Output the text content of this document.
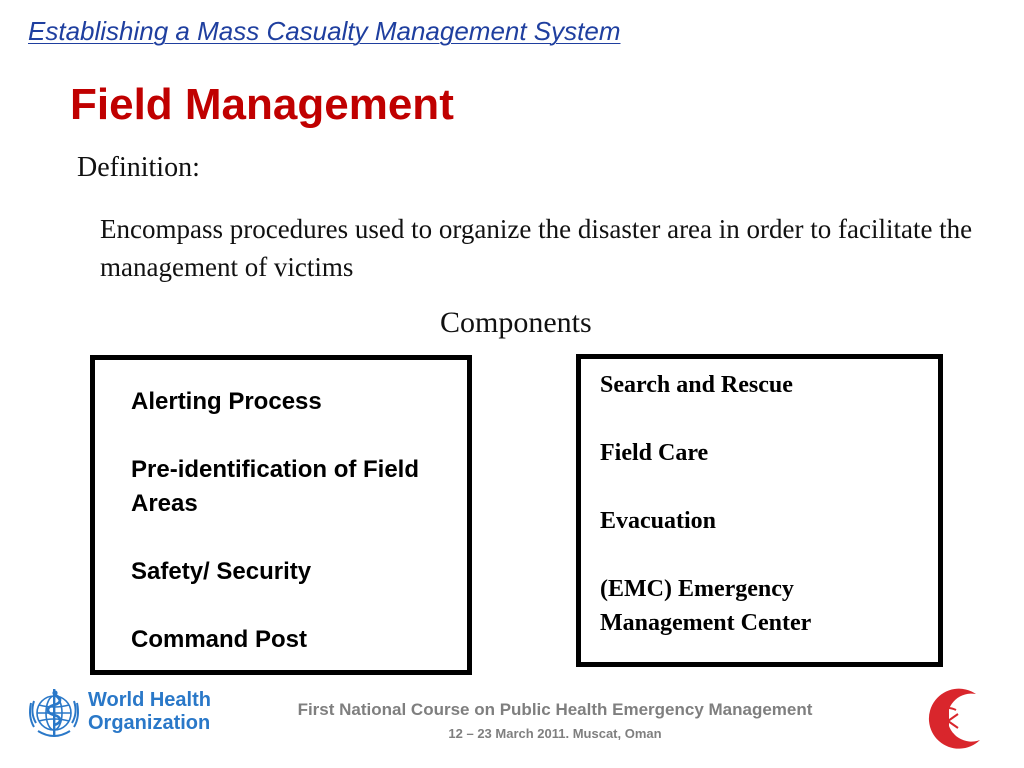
Establishing a Mass Casualty Management System
Field Management
Definition:
Encompass procedures used to organize the disaster area in order to facilitate the management of victims
Components
Alerting Process
Pre-identification of Field Areas
Safety/ Security
Command Post
Search and Rescue
Field Care
Evacuation
(EMC) Emergency Management Center
World Health
Organization
First National Course on Public Health Emergency Management
12 – 23 March 2011. Muscat, Oman
